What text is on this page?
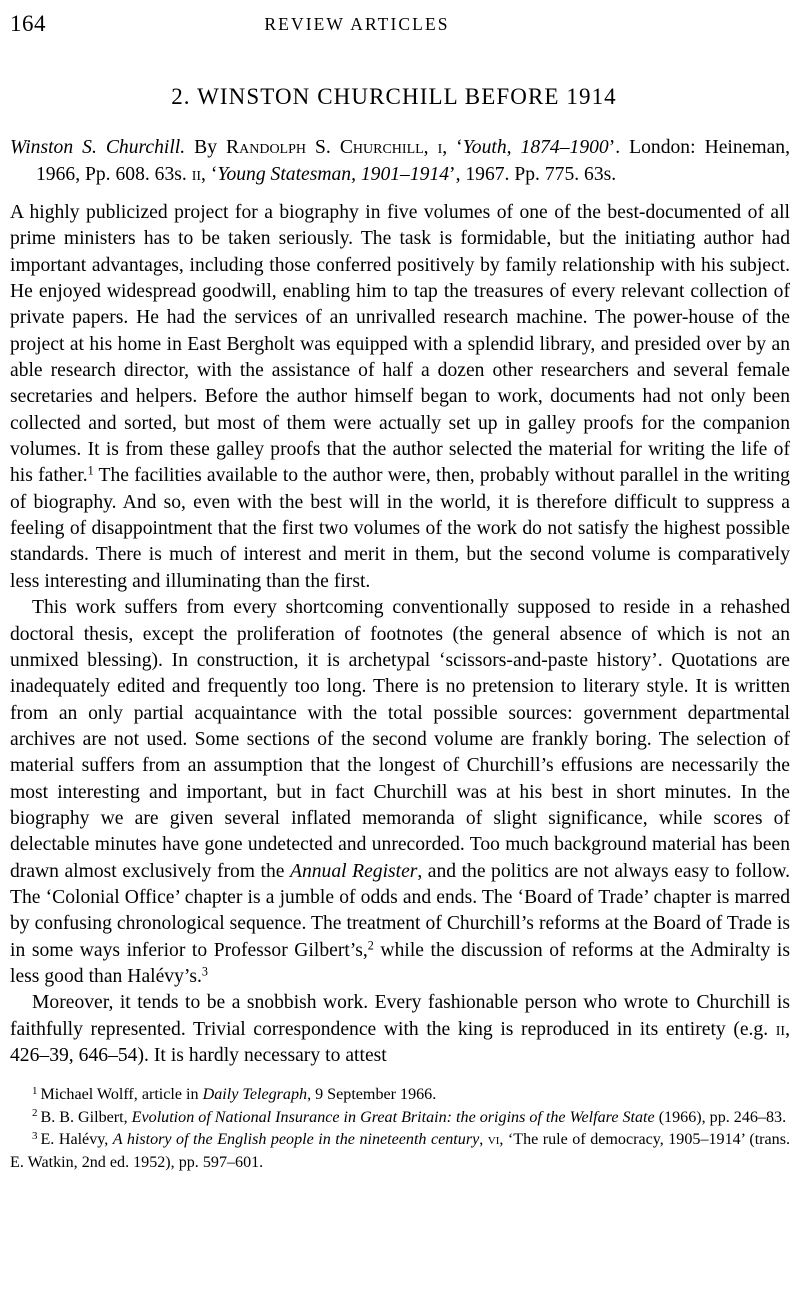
164	REVIEW ARTICLES
2. WINSTON CHURCHILL BEFORE 1914
Winston S. Churchill. By Randolph S. Churchill, i, ‘Youth, 1874–1900’. London: Heineman, 1966, Pp. 608. 63s. ii, ‘Young Statesman, 1901–1914’, 1967. Pp. 775. 63s.

A highly publicized project for a biography in five volumes of one of the best-documented of all prime ministers has to be taken seriously. The task is formidable, but the initiating author had important advantages, including those conferred positively by family relationship with his subject. He enjoyed widespread goodwill, enabling him to tap the treasures of every relevant collection of private papers. He had the services of an unrivalled research machine. The power-house of the project at his home in East Bergholt was equipped with a splendid library, and presided over by an able research director, with the assistance of half a dozen other researchers and several female secretaries and helpers. Before the author himself began to work, documents had not only been collected and sorted, but most of them were actually set up in galley proofs for the companion volumes. It is from these galley proofs that the author selected the material for writing the life of his father.$^1$ The facilities available to the author were, then, probably without parallel in the writing of biography. And so, even with the best will in the world, it is therefore difficult to suppress a feeling of disappointment that the first two volumes of the work do not satisfy the highest possible standards. There is much of interest and merit in them, but the second volume is comparatively less interesting and illuminating than the first.

This work suffers from every shortcoming conventionally supposed to reside in a rehashed doctoral thesis, except the proliferation of footnotes (the general absence of which is not an unmixed blessing). In construction, it is archetypal ‘scissors-and-paste history’. Quotations are inadequately edited and frequently too long. There is no pretension to literary style. It is written from an only partial acquaintance with the total possible sources: government departmental archives are not used. Some sections of the second volume are frankly boring. The selection of material suffers from an assumption that the longest of Churchill’s effusions are necessarily the most interesting and important, but in fact Churchill was at his best in short minutes. In the biography we are given several inflated memoranda of slight significance, while scores of delectable minutes have gone undetected and unrecorded. Too much background material has been drawn almost exclusively from the Annual Register, and the politics are not always easy to follow. The ‘Colonial Office’ chapter is a jumble of odds and ends. The ‘Board of Trade’ chapter is marred by confusing chronological sequence. The treatment of Churchill’s reforms at the Board of Trade is in some ways inferior to Professor Gilbert’s,$^2$ while the discussion of reforms at the Admiralty is less good than Halévy’s.$^3$

Moreover, it tends to be a snobbish work. Every fashionable person who wrote to Churchill is faithfully represented. Trivial correspondence with the king is reproduced in its entirety (e.g. ii, 426–39, 646–54). It is hardly necessary to attest

$^1$ Michael Wolff, article in Daily Telegraph, 9 September 1966.

$^2$ B. B. Gilbert, Evolution of National Insurance in Great Britain: the origins of the Welfare State (1966), pp. 246–83.

$^3$ E. Halévy, A history of the English people in the nineteenth century, vi, ‘The rule of democracy, 1905–1914’ (trans. E. Watkin, 2nd ed. 1952), pp. 597–601.
